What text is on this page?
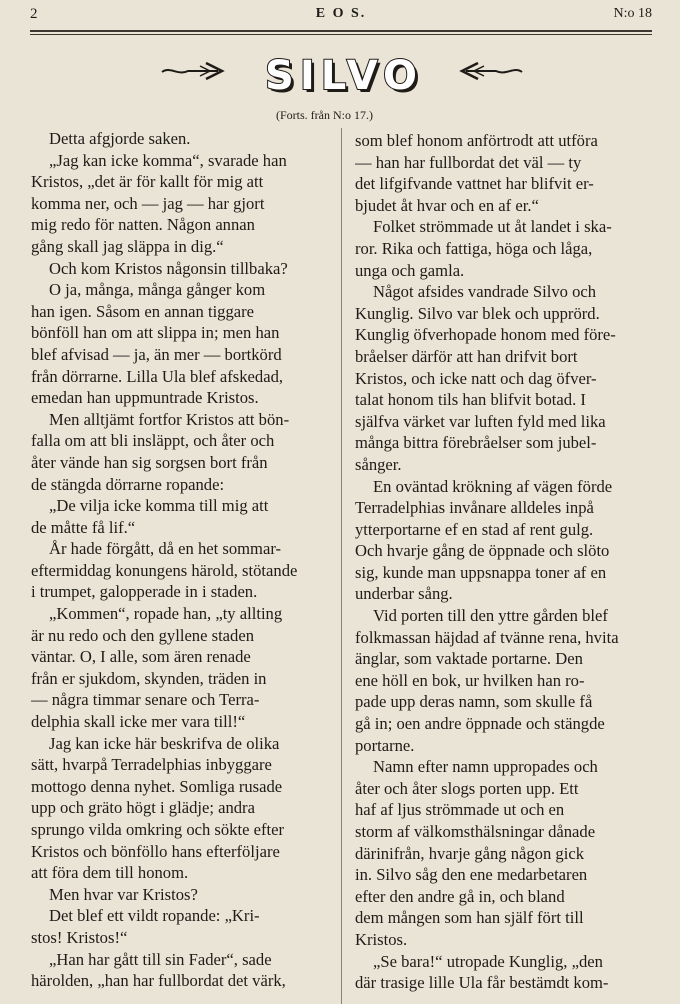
2	E O S.	N:o 18
SILVO
(Forts. från N:o 17.)

Detta afgjorde saken.

„Jag kan icke komma“, svarade han

Kristos, „det är för kallt för mig att

komma ner, och — jag — har gjort

mig redo för natten. Någon annan

gång skall jag släppa in dig.“

Och kom Kristos någonsin tillbaka?

O ja, många, många gånger kom

han igen. Såsom en annan tiggare

bönföll han om att slippa in; men han

blef afvisad — ja, än mer — bortkörd

från dörrarne. Lilla Ula blef afskedad,

emedan han uppmuntrade Kristos.

Men alltjämt fortfor Kristos att bön-

falla om att bli insläppt, och åter och

åter vände han sig sorgsen bort från

de stängda dörrarne ropande:

„De vilja icke komma till mig att

de måtte få lif.“

År hade förgått, då en het sommar-

eftermiddag konungens härold, stötande

i trumpet, galopperade in i staden.

„Kommen“, ropade han, „ty allting

är nu redo och den gyllene staden

väntar. O, I alle, som ären renade

från er sjukdom, skynden, träden in

— några timmar senare och Terra-

delphia skall icke mer vara till!“

Jag kan icke här beskrifva de olika

sätt, hvarpå Terradelphias inbyggare

mottogo denna nyhet. Somliga rusade

upp och gräto högt i glädje; andra

sprungo vilda omkring och sökte efter

Kristos och bönföllo hans efterföljare

att föra dem till honom.

Men hvar var Kristos?

Det blef ett vildt ropande: „Kri-

stos! Kristos!“

„Han har gått till sin Fader“, sade

härolden, „han har fullbordat det värk,

som blef honom anförtrodt att utföra

— han har fullbordat det väl — ty

det lifgifvande vattnet har blifvit er-

bjudet åt hvar och en af er.“

Folket strömmade ut åt landet i ska-

ror. Rika och fattiga, höga och låga,

unga och gamla.

Något afsides vandrade Silvo och

Kunglig. Silvo var blek och upprörd.

Kunglig öfverhopade honom med före-

bråelser därför att han drifvit bort

Kristos, och icke natt och dag öfver-

talat honom tils han blifvit botad. I

själfva värket var luften fyld med lika

många bittra förebråelser som jubel-

sånger.

En oväntad krökning af vägen förde

Terradelphias invånare alldeles inpå

ytterportarne ef en stad af rent gulg.

Och hvarje gång de öppnade och slöto

sig, kunde man uppsnappa toner af en

underbar sång.

Vid porten till den yttre gården blef

folkmassan häjdad af tvänne rena, hvita

änglar, som vaktade portarne. Den

ene höll en bok, ur hvilken han ro-

pade upp deras namn, som skulle få

gå in; oen andre öppnade och stängde

portarne.

Namn efter namn uppropades och

åter och åter slogs porten upp. Ett

haf af ljus strömmade ut och en

storm af välkomsthälsningar dånade

därinifrån, hvarje gång någon gick

in. Silvo såg den ene medarbetaren

efter den andre gå in, och bland

dem mången som han själf fört till

Kristos.

„Se bara!“ utropade Kunglig, „den

där trasige lille Ula får bestämdt kom-
